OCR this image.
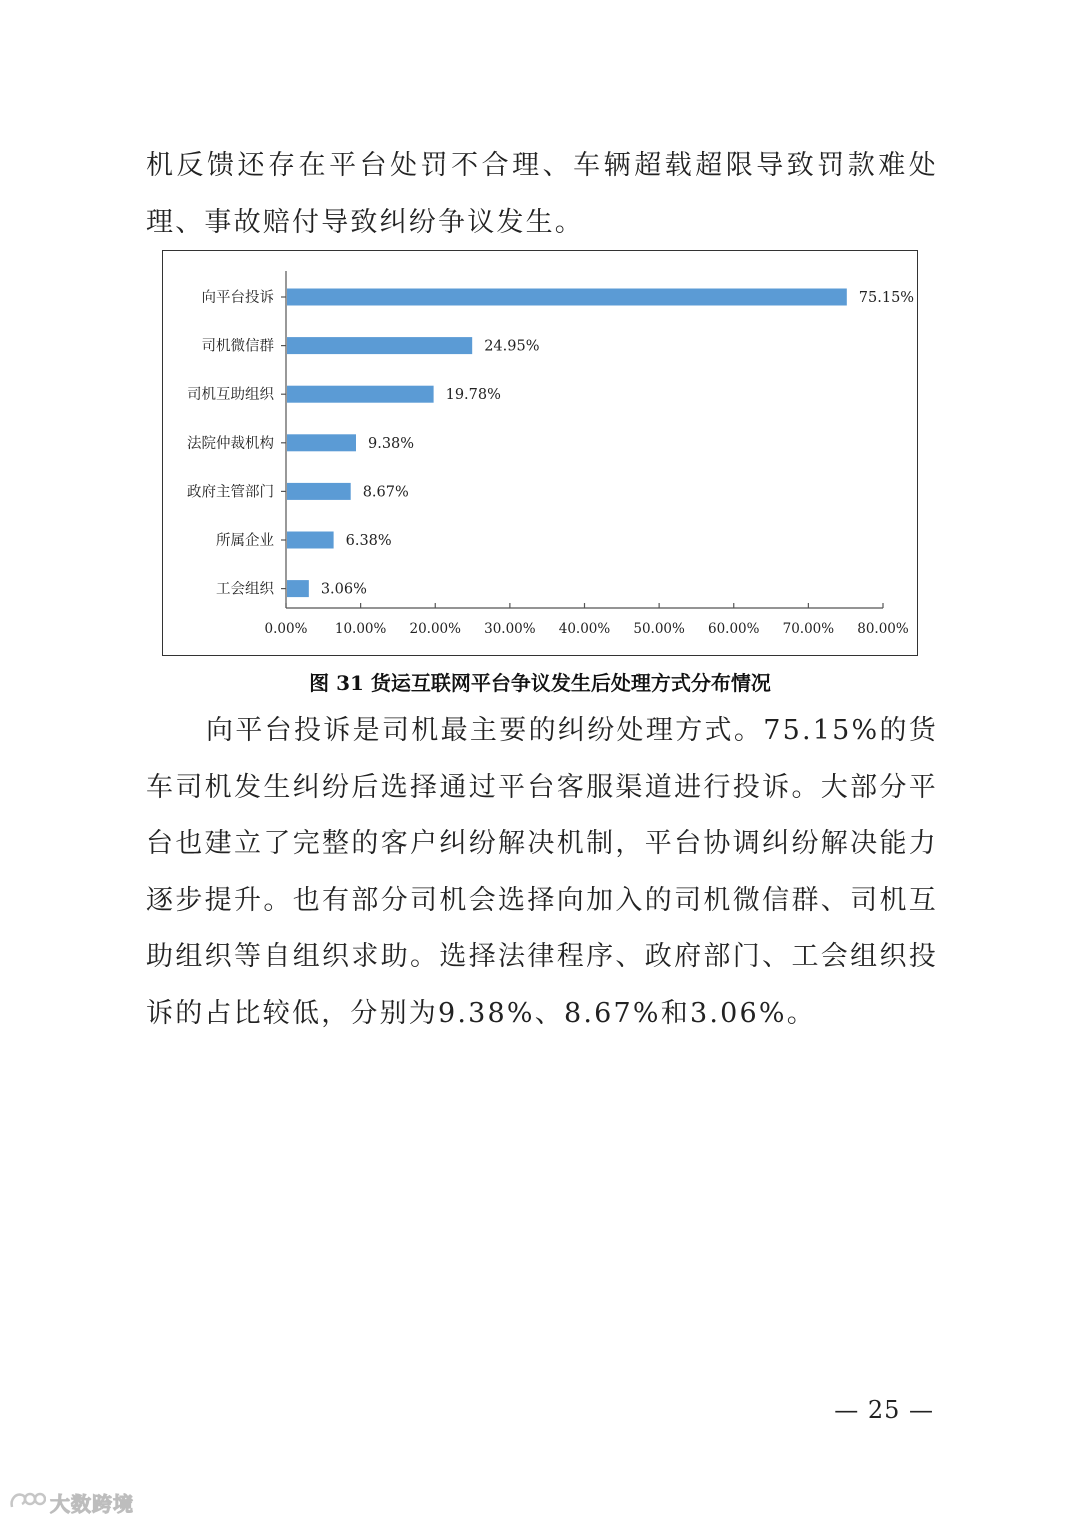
机反馈还存在平台处罚不合理、车辆超载超限导致罚款难处理、事故赔付导致纠纷争议发生。

0.00% 10.00% 20.00% 30.00% 40.00% 50.00% 60.00% 70.00% 80.00%
向平台投诉	75.15%
司机微信群	24.95%
司机互助组织	19.78%
法院仲裁机构	9.38%
政府主管部门	8.67%
所属企业	6.38%
工会组织	3.06%
图 31 货运互联网平台争议发生后处理方式分布情况

向平台投诉是司机最主要的纠纷处理方式。75.15%的货车司机发生纠纷后选择通过平台客服渠道进行投诉。大部分平台也建立了完整的客户纠纷解决机制，平台协调纠纷解决能力逐步提升。也有部分司机会选择向加入的司机微信群、司机互助组织等自组织求助。选择法律程序、政府部门、工会组织投诉的占比较低，分别为9.38%、8.67%和3.06%。

— 25 —
大数跨境
